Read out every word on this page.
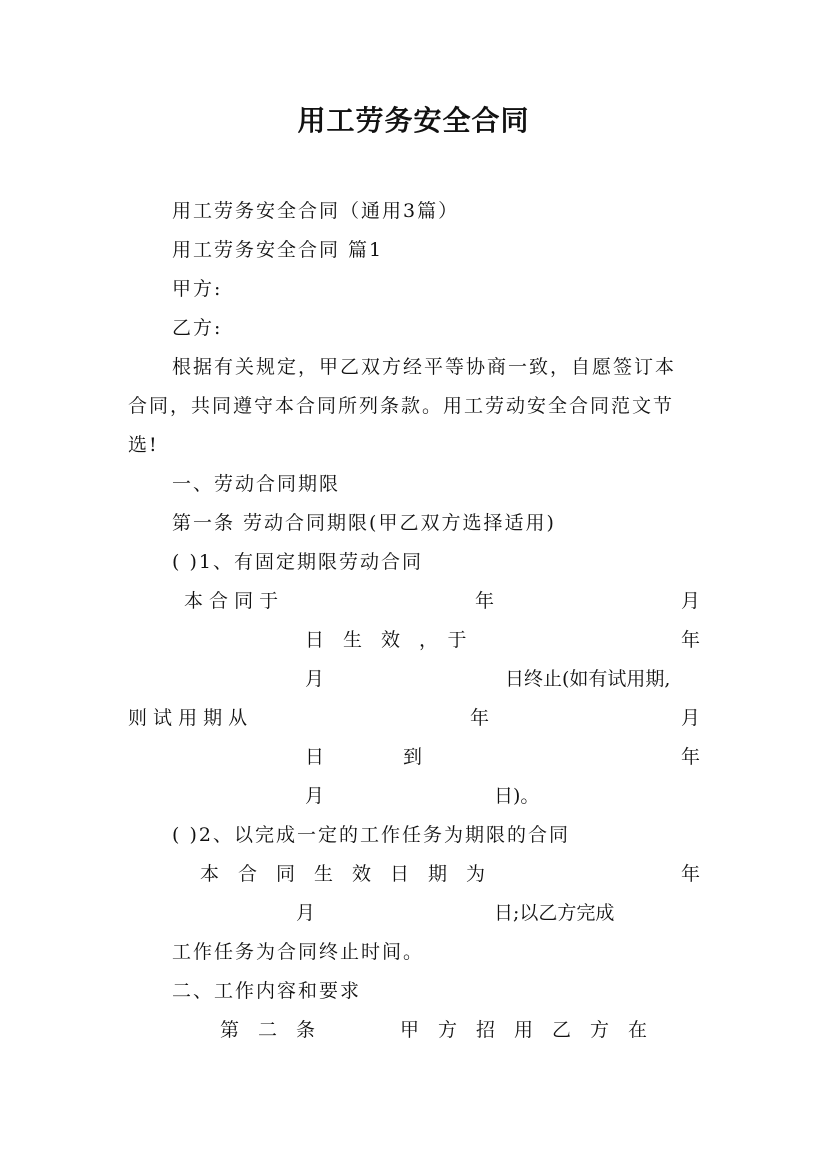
用工劳务安全合同
用工劳务安全合同（通用3篇）
用工劳务安全合同 篇1
甲方:
乙方:
根据有关规定，甲乙双方经平等协商一致，自愿签订本
合同，共同遵守本合同所列条款。用工劳动安全合同范文节
选!
一、劳动合同期限
第一条 劳动合同期限(甲乙双方选择适用)
( )1、有固定期限劳动合同
本 合 同 于	年	月
日　生　效　，　于	年
月	日终止(如有试用期,
则 试 用 期 从	年	月
日	到	年
月	日)。
( )2、以完成一定的工作任务为期限的合同
本　合　同　生　效　日　期　为	年
月	日;以乙方完成
工作任务为合同终止时间。
二、工作内容和要求
第　二　条	甲　方　招　用　乙　方　在
